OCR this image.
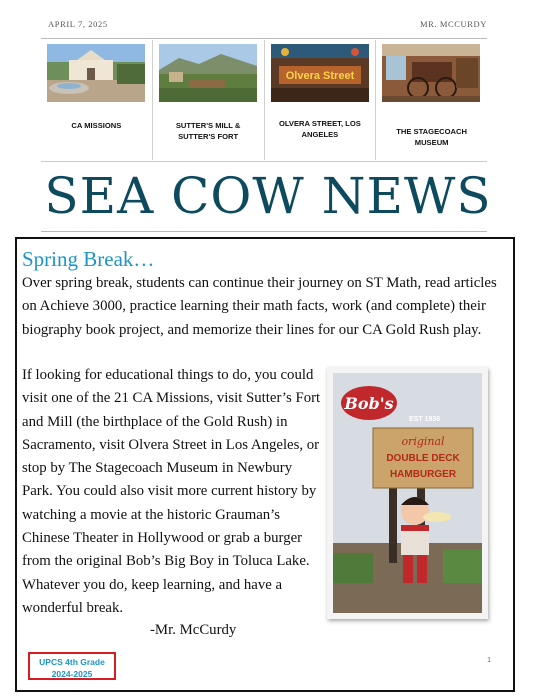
APRIL 7, 2025	MR. MCCURDY
CA MISSIONS	SUTTER'S MILL & SUTTER'S FORT
Olvera Street
OLVERA STREET, LOS ANGELES	THE STAGECOACH MUSEUM
SEA COW NEWS
Spring Break…
Over spring break, students can continue their journey on ST Math, read articles on Achieve 3000, practice learning their math facts, work (and complete) their biography book project, and memorize their lines for our CA Gold Rush play.
If looking for educational things to do, you could visit one of the 21 CA Missions, visit Sutter’s Fort and Mill (the birthplace of the Gold Rush) in Sacramento, visit Olvera Street in Los Angeles, or stop by The Stagecoach Museum in Newbury Park. You could also visit more current history by watching a movie at the historic Grauman’s Chinese Theater in Hollywood or grab a burger from the original Bob’s Big Boy in Toluca Lake. Whatever you do, keep learning, and have a wonderful break.
-Mr. McCurdy
Bob's
EST 1936
original
DOUBLE DECK
HAMBURGER
1
UPCS 4th Grade
2024-2025
